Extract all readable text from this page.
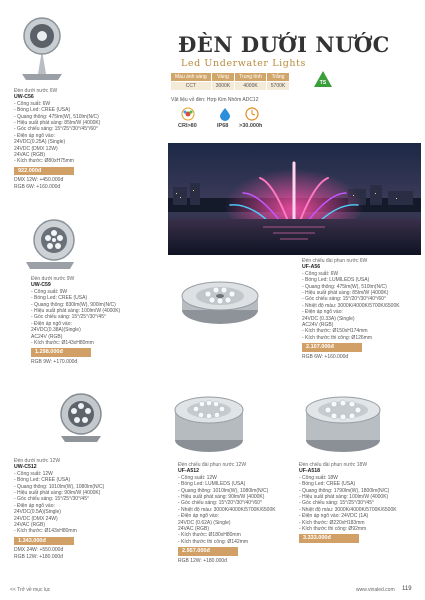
ĐÈN DƯỚI NƯỚC
Led Underwater Lights
Màu ánh sáng	Vàng	Trung tính	Trắng
CCT	3000K	4000K	5700K	TS
Vật liệu vỏ đèn: Hợp Kim Nhôm ADC12
CRI>80	IP68 >30.000h
Đèn dưới nước 6W
UW-C56
- Công suất: 6W
- Bóng Led: CREE (USA)
- Quang thông: 475lm(W), 510lm(N/C)
- Hiệu suất phát sáng: 85lm/W (4000K)
- Góc chiếu sáng: 15°/25°/30°/45°/60°
- Điện áp ngõ vào:
24VDC(0.25A) (Single)
24VDC (DMX 12W)
24VAC (RGB)
- Kích thước: Ø80xH75mm
922.000đ
DMX 12W: +450.000đ
RGB 6W: +160.000đ
Đèn dưới nước 9W
UW-C59
- Công suất: 9W
- Bóng Led: CREE (USA)
- Quang thông: 830lm(W), 900lm(N/C)
- Hiệu suất phát sáng: 100lm/W (4000K)
- Góc chiếu sáng: 15°/25°/30°/45°
- Điện áp ngõ vào:
24VDC(0.38A)(Single)
AC24V (RGB)
- Kích thước: Ø143xH80mm
1.298.000đ
RGB 9W: +170.000đ
Đèn dưới nước 12W
UW-C512
- Công suất: 12W
- Bóng Led: CREE (USA)
- Quang thông: 1010lm(W), 1080lm(N/C)
- Hiệu suất phát sáng: 90lm/W (4000K)
- Góc chiếu sáng: 15°/25°/30°/45°
- Điện áp ngõ vào:
24VDC(0.5A)(Single)
24VDC (DMX 24W)
24VAC (RGB)
- Kích thước: Ø143xH80mm
1.343.000đ
DMX 24W: +550.000đ
RGB 12W: +180.000đ
Đèn chiếu đài phun nước 6W
UF-A56
- Công suất: 6W
- Bóng Led: LUMILEDS (USA)
- Quang thông: 475lm(W), 510lm(N/C)
- Hiệu suất phát sáng: 85lm/W (4000K)
- Góc chiếu sáng: 15°/20°/30°/40°/60°
- Nhiệt độ màu: 3000K/4000K/5700K/6500K
- Điện áp ngõ vào:
24VDC (0.33A) (Single)
AC24V (RGB)
- Kích thước: Ø150xH174mm
- Kích thước thi công: Ø126mm
2.107.000đ
RGB 6W: +160.000đ
Đèn chiếu đài phun nước 12W
UF-A512
- Công suất: 12W
- Bóng Led: LUMILEDS (USA)
- Quang thông: 1010lm(W), 1080lm(N/C)
- Hiệu suất phát sáng: 90lm/W (4000K)
- Góc chiếu sáng: 15°/20°/30°/40°/60°
- Nhiệt độ màu: 3000K/4000K/5700K/6500K
- Điện áp ngõ vào:
24VDC (0.62A) (Single)
24VAC (RGB)
- Kích thước: Ø180xH80mm
- Kích thước thi công: Ø142mm
2.957.000đ
RGB 12W: +180.000đ
Đèn chiếu đài phun nước 18W
UF-A518
- Công suất: 18W
- Bóng Led: CREE (USA)
- Quang thông: 1790lm(W), 1800lm(N/C)
- Hiệu suất phát sáng: 100lm/W (4000K)
- Góc chiếu sáng: 15°/25°/30°/45°
- Nhiệt độ màu: 3000K/4000K/5700K/6500K
- Điện áp ngõ vào: 24VDC (1A)
- Kích thước: Ø220xH183mm
- Kích thước thi công: Ø92mm
3.333.000đ
<< Trở về mục lục	www.vinaled.com 119
